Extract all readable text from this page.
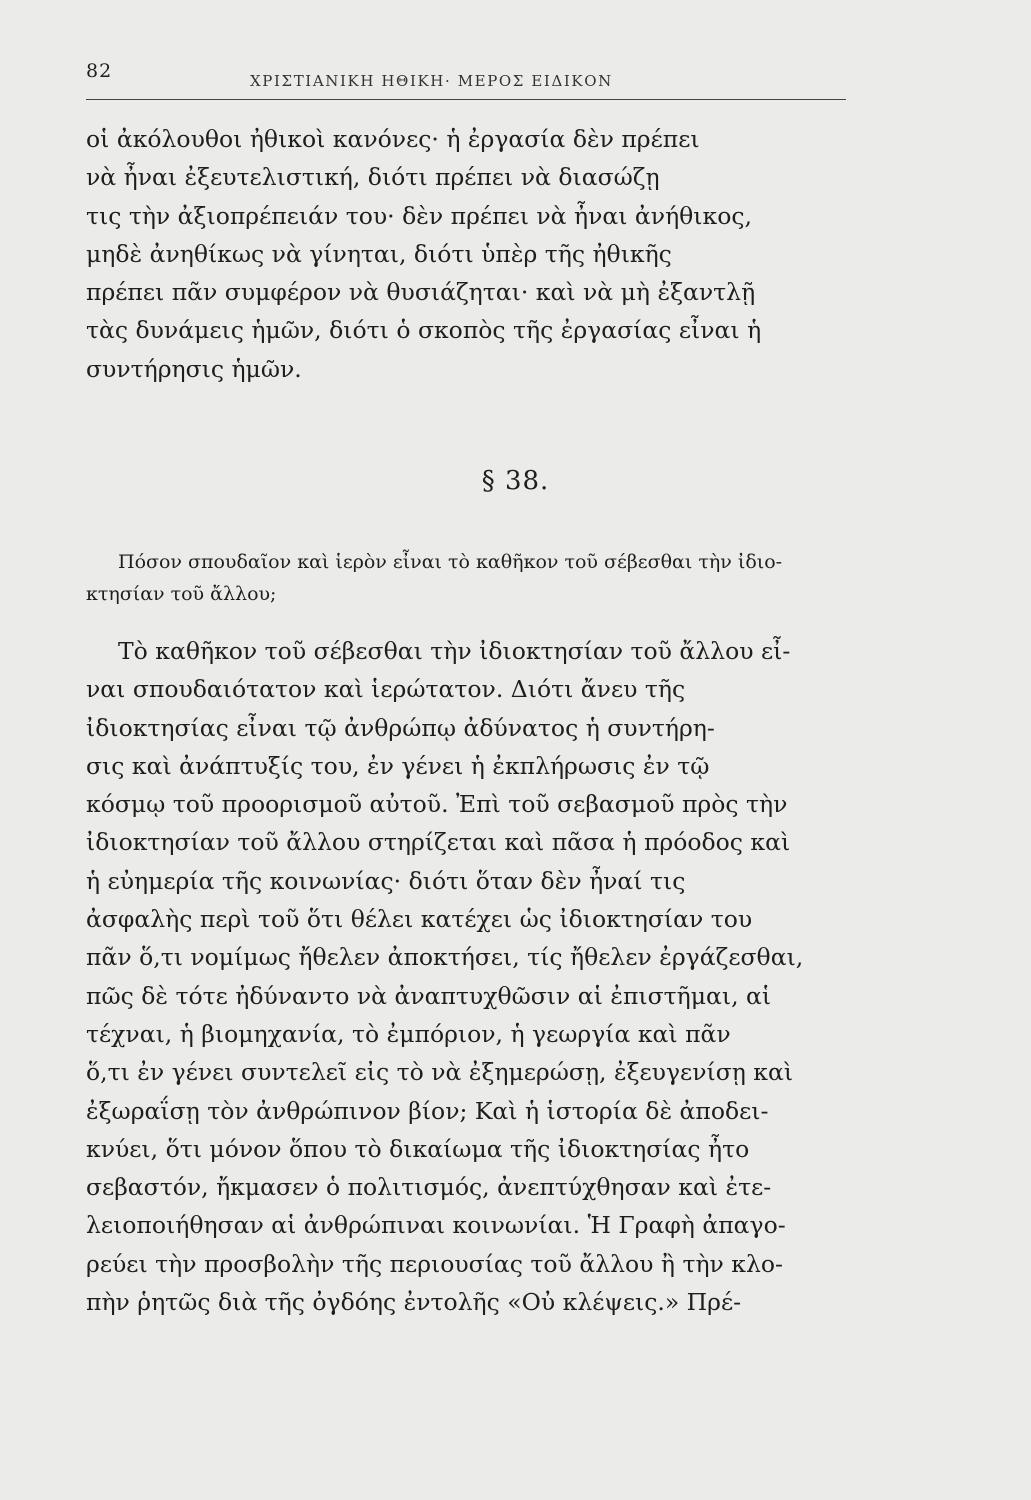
82	ΧΡΙΣΤΙΑΝΙΚΗ ΗΘΙΚΗ· ΜΕΡΟΣ ΕΙΔΙΚΟΝ
οἱ ἀκόλουθοι ἠθικοὶ κανόνες· ἡ ἐργασία δὲν πρέπει
νὰ ἦναι ἐξευτελιστική, διότι πρέπει νὰ διασώζῃ
τις τὴν ἀξιοπρέπειάν του· δὲν πρέπει νὰ ἦναι ἀνήθικος,
μηδὲ ἀνηθίκως νὰ γίνηται, διότι ὑπὲρ τῆς ἠθικῆς
πρέπει πᾶν συμφέρον νὰ θυσιάζηται· καὶ νὰ μὴ ἐξαντλῇ
τὰς δυνάμεις ἡμῶν, διότι ὁ σκοπὸς τῆς ἐργασίας εἶναι ἡ
συντήρησις ἡμῶν.
§ 38.
Πόσον σπουδαῖον καὶ ἱερὸν εἶναι τὸ καθῆκον τοῦ σέβεσθαι τὴν ἰδιο-
κτησίαν τοῦ ἄλλου;
Τὸ καθῆκον τοῦ σέβεσθαι τὴν ἰδιοκτησίαν τοῦ ἄλλου εἶ-
ναι σπουδαιότατον καὶ ἱερώτατον. Διότι ἄνευ τῆς
ἰδιοκτησίας εἶναι τῷ ἀνθρώπῳ ἀδύνατος ἡ συντήρη-
σις καὶ ἀνάπτυξίς του, ἐν γένει ἡ ἐκπλήρωσις ἐν τῷ
κόσμῳ τοῦ προορισμοῦ αὐτοῦ. Ἐπὶ τοῦ σεβασμοῦ πρὸς τὴν
ἰδιοκτησίαν τοῦ ἄλλου στηρίζεται καὶ πᾶσα ἡ πρόοδος καὶ
ἡ εὐημερία τῆς κοινωνίας· διότι ὅταν δὲν ἦναί τις
ἀσφαλὴς περὶ τοῦ ὅτι θέλει κατέχει ὡς ἰδιοκτησίαν του
πᾶν ὅ,τι νομίμως ἤθελεν ἀποκτήσει, τίς ἤθελεν ἐργάζεσθαι,
πῶς δὲ τότε ἠδύναντο νὰ ἀναπτυχθῶσιν αἱ ἐπιστῆμαι, αἱ
τέχναι, ἡ βιομηχανία, τὸ ἐμπόριον, ἡ γεωργία καὶ πᾶν
ὅ,τι ἐν γένει συντελεῖ εἰς τὸ νὰ ἐξημερώσῃ, ἐξευγενίσῃ καὶ
ἐξωραΐσῃ τὸν ἀνθρώπινον βίον; Καὶ ἡ ἱστορία δὲ ἀποδει-
κνύει, ὅτι μόνον ὅπου τὸ δικαίωμα τῆς ἰδιοκτησίας ἦτο
σεβαστόν, ἤκμασεν ὁ πολιτισμός, ἀνεπτύχθησαν καὶ ἐτε-
λειοποιήθησαν αἱ ἀνθρώπιναι κοινωνίαι. Ἡ Γραφὴ ἀπαγο-
ρεύει τὴν προσβολὴν τῆς περιουσίας τοῦ ἄλλου ἢ τὴν κλο-
πὴν ῥητῶς διὰ τῆς ὀγδόης ἐντολῆς «Οὐ κλέψεις.» Πρέ-
